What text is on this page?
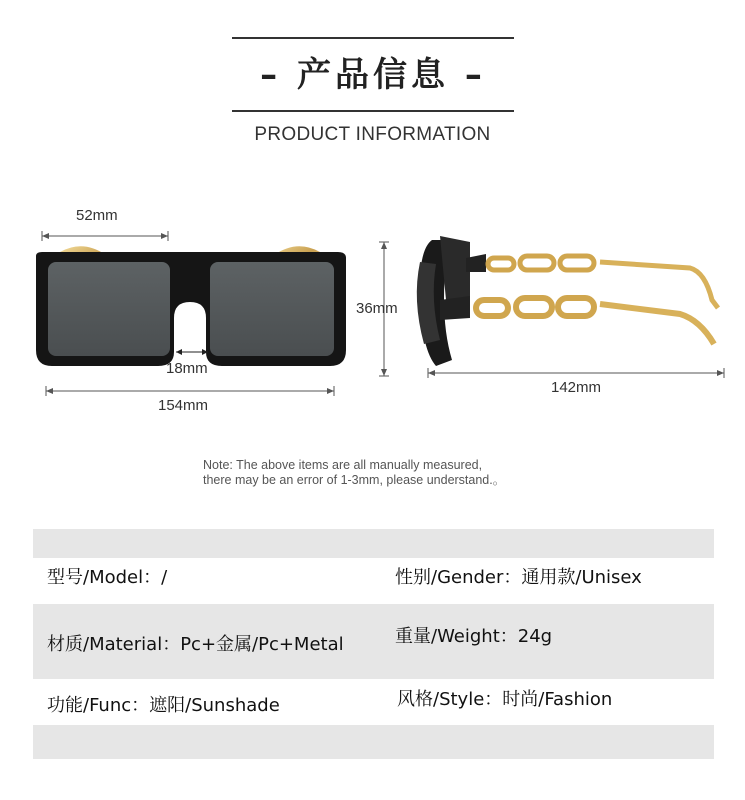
– 产品信息 –
PRODUCT INFORMATION
52mm
18mm
154mm
36mm
142mm
Note: The above items are all manually measured,
there may be an error of 1-3mm, please understand.。
型号/Model：/	性别/Gender：通用款/Unisex
材质/Material：Pc+金属/Pc+Metal	重量/Weight：24g
功能/Func：遮阳/Sunshade	风格/Style：时尚/Fashion
